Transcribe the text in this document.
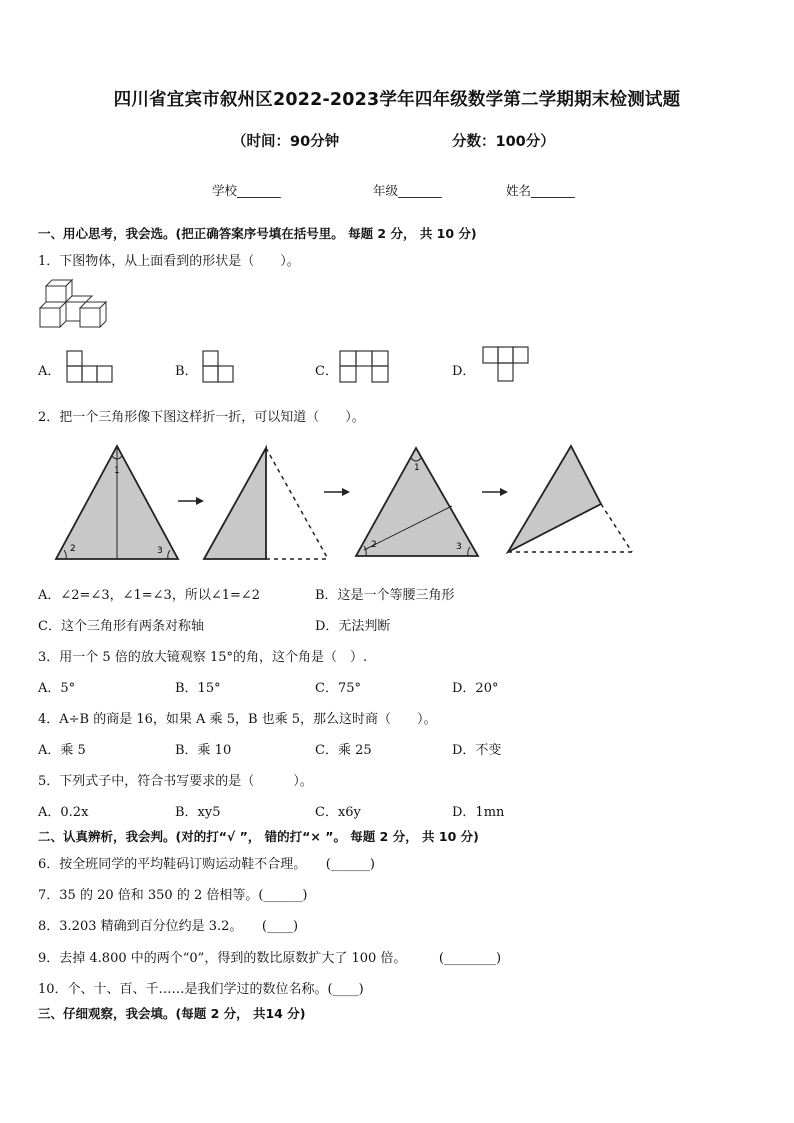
四川省宜宾市叙州区2022-2023学年四年级数学第二学期期末检测试题
（时间：90分钟	分数：100分）
学校_______	年级_______	姓名_______
一、用心思考，我会选。(把正确答案序号填在括号里。 每题 2 分， 共 10 分)
1．下图物体，从上面看到的形状是（　　）。
A．	B．	C．	D．
2．把一个三角形像下图这样折一折，可以知道（　　）。
1
2	3
1
2	3
A．∠2=∠3，∠1=∠3，所以∠1=∠2	B．这是一个等腰三角形
C．这个三角形有两条对称轴	D．无法判断
3．用一个 5 倍的放大镜观察 15°的角，这个角是（　）.
A．5°	B．15°	C．75°	D．20°
4．A÷B 的商是 16，如果 A 乘 5，B 也乘 5，那么这时商（　　）。
A．乘 5	B．乘 10	C．乘 25	D．不变
5．下列式子中，符合书写要求的是（　　　）。
A．0.2x	B．xy5	C．x6y	D．1mn
二、认真辨析，我会判。(对的打“√ ”， 错的打“× ”。 每题 2 分， 共 10 分)
6．按全班同学的平均鞋码订购运动鞋不合理。　　(______)
7．35 的 20 倍和 350 的 2 倍相等。(______)
8．3.203 精确到百分位约是 3.2。　　(____)
9．去掉 4.800 中的两个“0”，得到的数比原数扩大了 100 倍。　　　(________)
10．个、十、百、千……是我们学过的数位名称。(____)
三、仔细观察，我会填。(每题 2 分， 共14 分)
